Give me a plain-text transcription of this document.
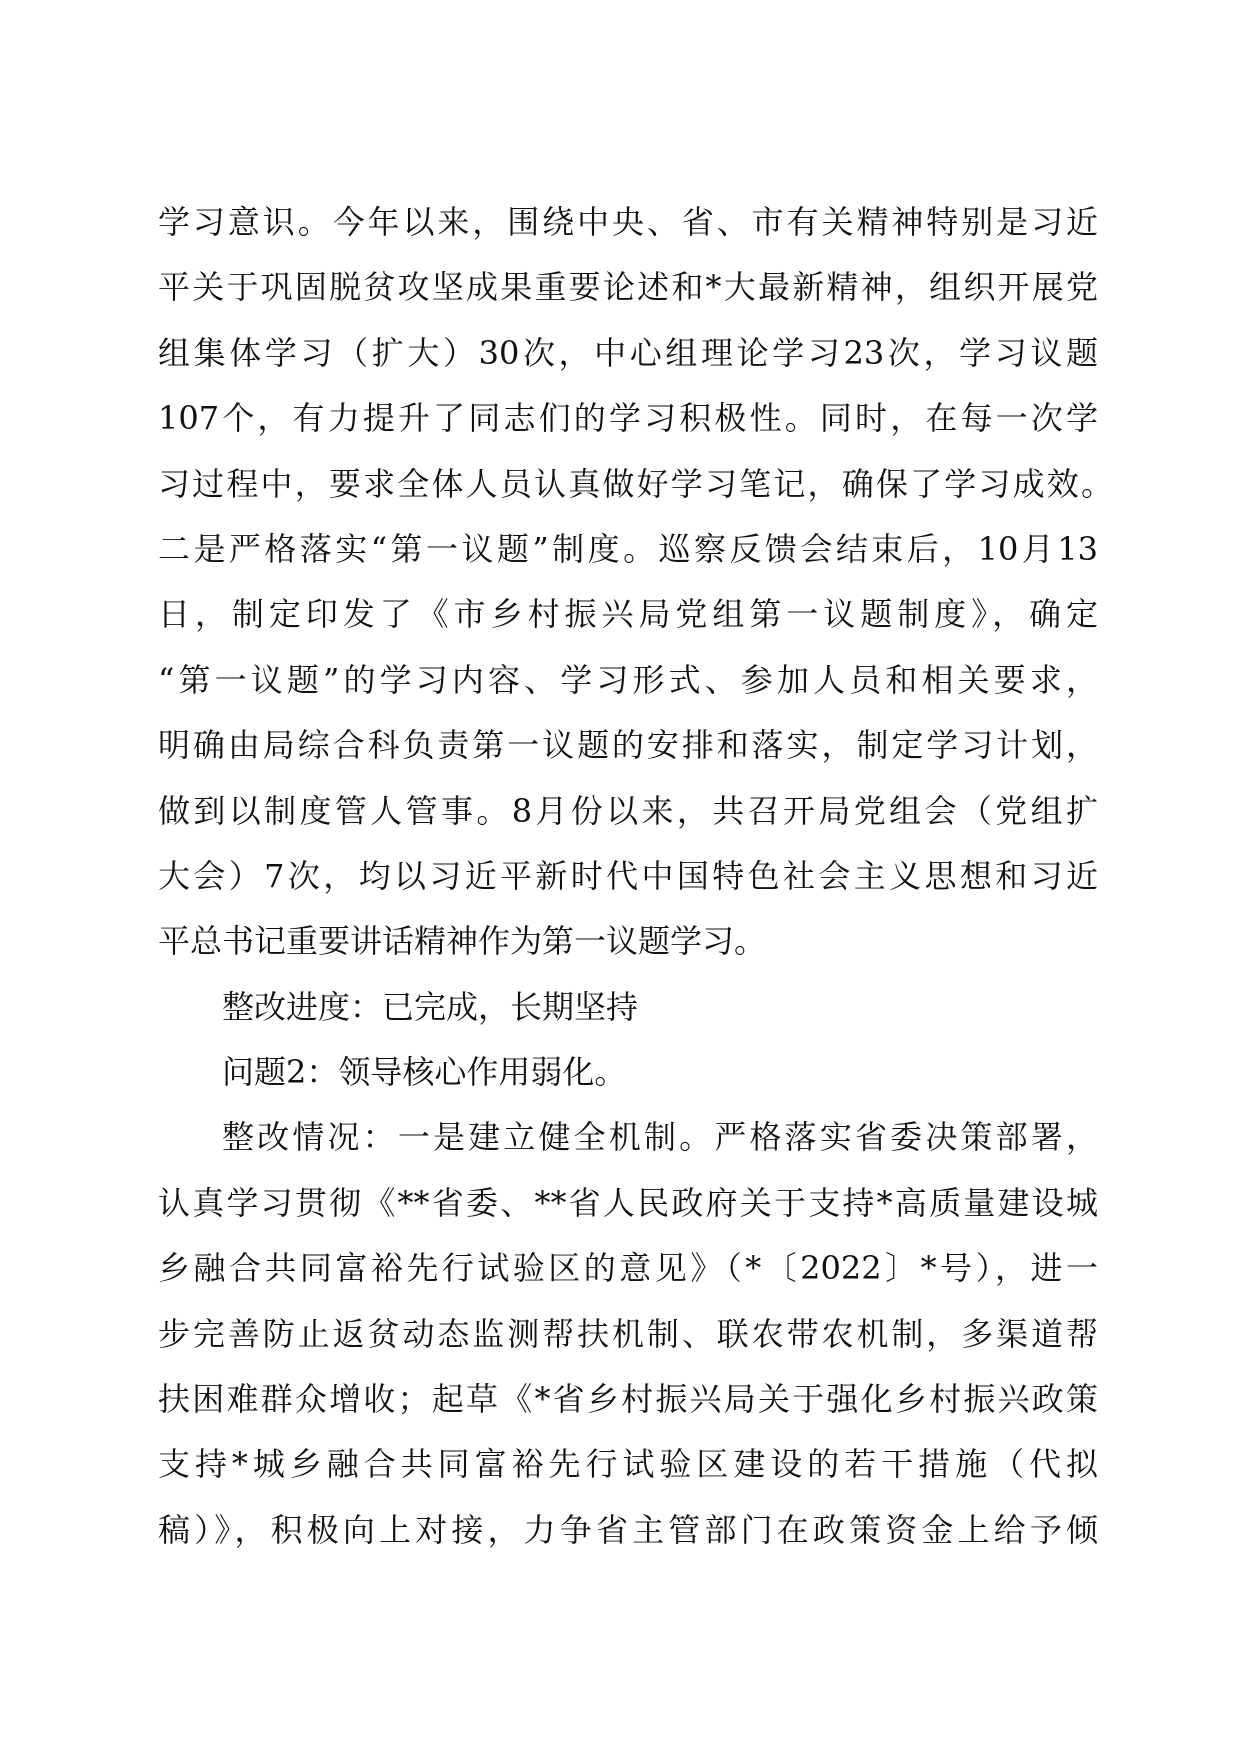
学习意识。今年以来，围绕中央、省、市有关精神特别是习近
平关于巩固脱贫攻坚成果重要论述和*大最新精神，组织开展党
组集体学习（扩大）30次，中心组理论学习23次，学习议题
107个，有力提升了同志们的学习积极性。同时，在每一次学
习过程中，要求全体人员认真做好学习笔记，确保了学习成效。
二是严格落实“第一议题”制度。巡察反馈会结束后，10月13
日，制定印发了《市乡村振兴局党组第一议题制度》，确定
“第一议题”的学习内容、学习形式、参加人员和相关要求，
明确由局综合科负责第一议题的安排和落实，制定学习计划，
做到以制度管人管事。8月份以来，共召开局党组会（党组扩
大会）7次，均以习近平新时代中国特色社会主义思想和习近
平总书记重要讲话精神作为第一议题学习。
整改进度：已完成，长期坚持
问题2：领导核心作用弱化。
整改情况：一是建立健全机制。严格落实省委决策部署，
认真学习贯彻《**省委、**省人民政府关于支持*高质量建设城
乡融合共同富裕先行试验区的意见》（*〔2022〕*号），进一
步完善防止返贫动态监测帮扶机制、联农带农机制，多渠道帮
扶困难群众增收；起草《*省乡村振兴局关于强化乡村振兴政策
支持*城乡融合共同富裕先行试验区建设的若干措施（代拟
稿）》，积极向上对接，力争省主管部门在政策资金上给予倾
